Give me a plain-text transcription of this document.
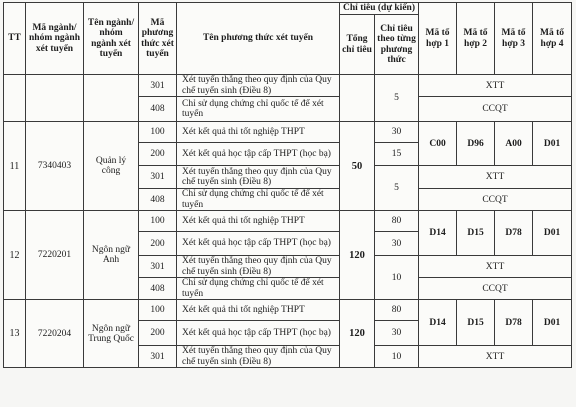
TT	Mã ngành/ nhóm ngành xét tuyển	Tên ngành/ nhóm ngành xét tuyển	Mã phương thức xét tuyển	Tên phương thức xét tuyển	Chỉ tiêu (dự kiến)		Mã tổ hợp 1	Mã tổ hợp 2	Mã tổ hợp 3	Mã tổ hợp 4
					Tổng chỉ tiêu	Chỉ tiêu theo từng phương thức				
			301	Xét tuyển thẳng theo quy định của Quy chế tuyển sinh (Điều 8)		5	XTT			
			408	Chỉ sử dụng chứng chỉ quốc tế để xét tuyển			CCQT			
11	7340403	Quản lý công	100	Xét kết quả thi tốt nghiệp THPT	50	30	C00	D96	A00	D01
			200	Xét kết quả học tập cấp THPT (học bạ)		15				
			301	Xét tuyển thẳng theo quy định của Quy chế tuyển sinh (Điều 8)		5	XTT			
			408	Chỉ sử dụng chứng chỉ quốc tế để xét tuyển			CCQT			
12	7220201	Ngôn ngữ Anh	100	Xét kết quả thi tốt nghiệp THPT	120	80	D14	D15	D78	D01
			200	Xét kết quả học tập cấp THPT (học bạ)		30				
			301	Xét tuyển thẳng theo quy định của Quy chế tuyển sinh (Điều 8)		10	XTT			
			408	Chỉ sử dụng chứng chỉ quốc tế để xét tuyển			CCQT			
13	7220204	Ngôn ngữ Trung Quốc	100	Xét kết quả thi tốt nghiệp THPT	120	80	D14	D15	D78	D01
			200	Xét kết quả học tập cấp THPT (học bạ)		30				
			301	Xét tuyển thẳng theo quy định của Quy chế tuyển sinh (Điều 8)		10	XTT			
